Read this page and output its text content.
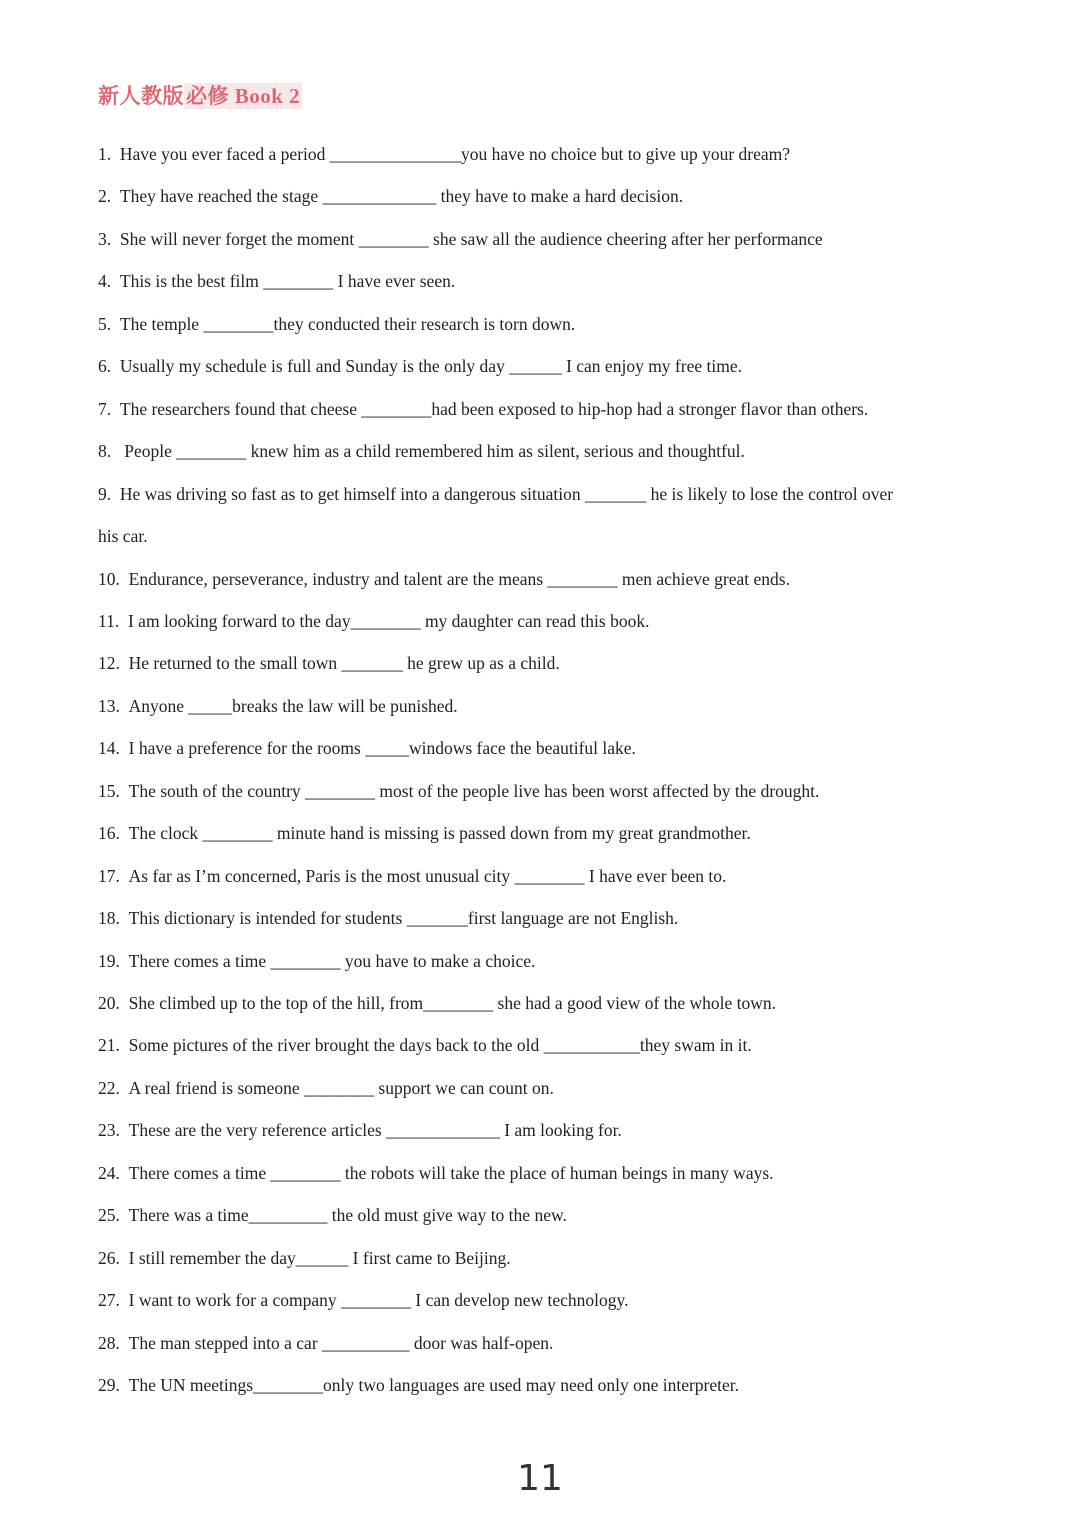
新人教版必修 Book 2
1. Have you ever faced a period _______________you have no choice but to give up your dream?
2. They have reached the stage _____________ they have to make a hard decision.
3. She will never forget the moment ________ she saw all the audience cheering after her performance
4. This is the best film ________ I have ever seen.
5. The temple ________they conducted their research is torn down.
6. Usually my schedule is full and Sunday is the only day ______ I can enjoy my free time.
7. The researchers found that cheese ________had been exposed to hip-hop had a stronger flavor than others.
8.   People ________ knew him as a child remembered him as silent, serious and thoughtful.
9. He was driving so fast as to get himself into a dangerous situation _______ he is likely to lose the control over
his car.
10. Endurance, perseverance, industry and talent are the means ________ men achieve great ends.
11. I am looking forward to the day________ my daughter can read this book.
12. He returned to the small town _______ he grew up as a child.
13. Anyone _____breaks the law will be punished.
14. I have a preference for the rooms _____windows face the beautiful lake.
15. The south of the country ________ most of the people live has been worst affected by the drought.
16. The clock ________ minute hand is missing is passed down from my great grandmother.
17. As far as I’m concerned, Paris is the most unusual city ________ I have ever been to.
18. This dictionary is intended for students _______first language are not English.
19. There comes a time ________ you have to make a choice.
20. She climbed up to the top of the hill, from________ she had a good view of the whole town.
21. Some pictures of the river brought the days back to the old ___________they swam in it.
22. A real friend is someone ________ support we can count on.
23. These are the very reference articles _____________ I am looking for.
24. There comes a time ________ the robots will take the place of human beings in many ways.
25. There was a time_________ the old must give way to the new.
26. I still remember the day______ I first came to Beijing.
27. I want to work for a company ________ I can develop new technology.
28. The man stepped into a car __________ door was half-open.
29. The UN meetings________only two languages are used may need only one interpreter.
11
